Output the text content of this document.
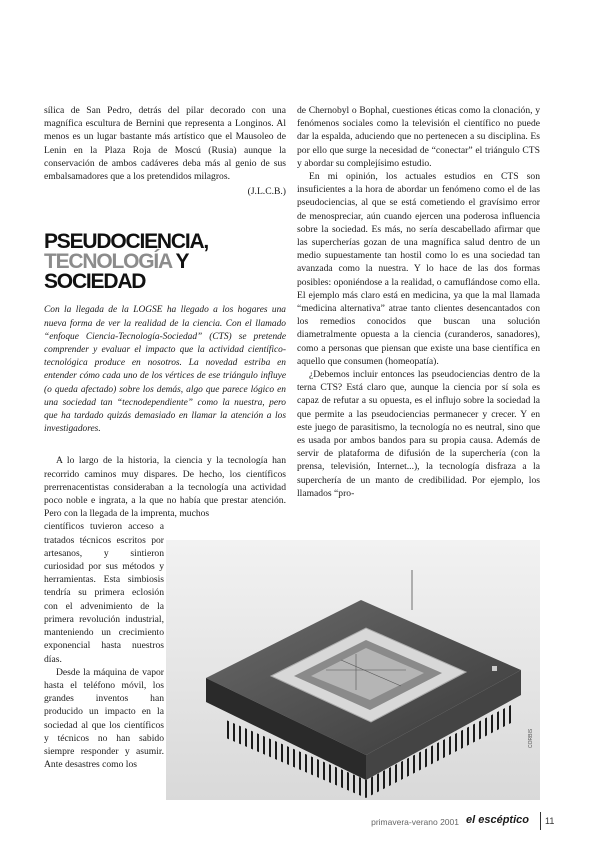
sílica de San Pedro, detrás del pilar decorado con una magnífica escultura de Bernini que representa a Longinos. Al menos es un lugar bastante más artístico que el Mausoleo de Lenin en la Plaza Roja de Moscú (Rusia) aunque la conservación de ambos cadáveres deba más al genio de sus embalsamadores que a los pretendidos milagros.

(J.L.C.B.)

PSEUDOCIENCIA,
TECNOLOGÍA Y
SOCIEDAD

Con la llegada de la LOGSE ha llegado a los hogares una nueva forma de ver la realidad de la ciencia. Con el llamado “enfoque Ciencia-Tecnología-Sociedad” (CTS) se pretende comprender y evaluar el impacto que la actividad científico-tecnológica produce en nosotros. La novedad estriba en entender cómo cada uno de los vértices de ese triángulo influye (o queda afectado) sobre los demás, algo que parece lógico en una sociedad tan “tecnodependiente” como la nuestra, pero que ha tardado quizás demasiado en llamar la atención a los investigadores.

A lo largo de la historia, la ciencia y la tecnología han recorrido caminos muy dispares. De hecho, los científicos prerrenacentistas consideraban a la tecnología una actividad poco noble e ingrata, a la que no había que prestar atención. Pero con la llegada de la imprenta, muchos

científicos tuvieron acceso a tratados técnicos escritos por artesanos, y sintieron curiosidad por sus métodos y herramientas. Esta simbiosis tendría su primera eclosión con el advenimiento de la primera revolución industrial, manteniendo un crecimiento exponencial hasta nuestros días.

Desde la máquina de vapor hasta el teléfono móvil, los grandes inventos han producido un impacto en la sociedad al que los científicos y técnicos no han sabido siempre responder y asumir. Ante desastres como los

de Chernobyl o Bophal, cuestiones éticas como la clonación, y fenómenos sociales como la televisión el científico no puede dar la espalda, aduciendo que no pertenecen a su disciplina. Es por ello que surge la necesidad de “conectar” el triángulo CTS y abordar su complejísimo estudio.

En mi opinión, los actuales estudios en CTS son insuficientes a la hora de abordar un fenómeno como el de las pseudociencias, al que se está cometiendo el gravísimo error de menospreciar, aún cuando ejercen una poderosa influencia sobre la sociedad. Es más, no sería descabellado afirmar que las supercherías gozan de una magnífica salud dentro de un medio supuestamente tan hostil como lo es una sociedad tan avanzada como la nuestra. Y lo hace de las dos formas posibles: oponiéndose a la realidad, o camuflándose como ella. El ejemplo más claro está en medicina, ya que la mal llamada “medicina alternativa” atrae tanto clientes desencantados con los remedios conocidos que buscan una solución diametralmente opuesta a la ciencia (curanderos, sanadores), como a personas que piensan que existe una base científica en aquello que consumen (homeopatía).

¿Debemos incluir entonces las pseudociencias dentro de la terna CTS? Está claro que, aunque la ciencia por sí sola es capaz de refutar a su opuesta, es el influjo sobre la sociedad la que permite a las pseudociencias permanecer y crecer. Y en este juego de parasitismo, la tecnología no es neutral, sino que es usada por ambos bandos para su propia causa. Además de servir de plataforma de difusión de la superchería (con la prensa, televisión, Internet...), la tecnología disfraza a la superchería de un manto de credibilidad. Por ejemplo, los llamados “pro-

CORBIS
primavera-verano 2001 el escéptico 11
